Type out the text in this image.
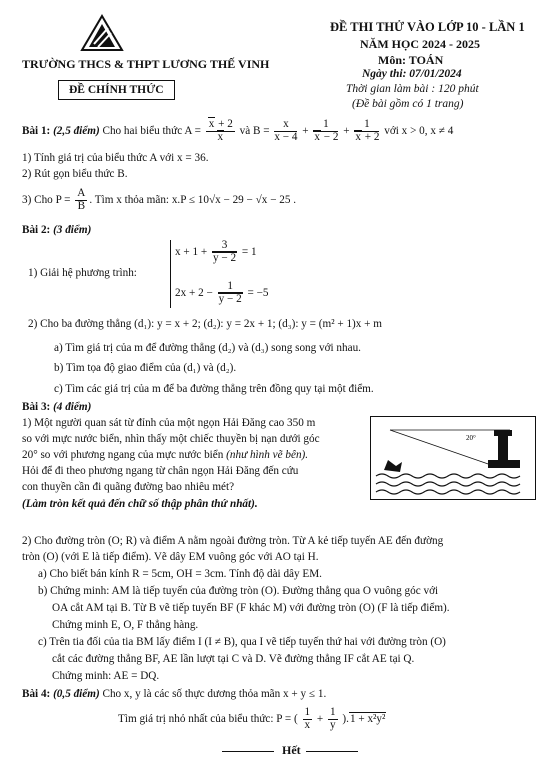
TRƯỜNG THCS & THPT LƯƠNG THẾ VINH
ĐỀ CHÍNH THỨC
ĐỀ THI THỬ VÀO LỚP 10 - LẦN 1
NĂM HỌC 2024 - 2025
Môn: TOÁN
Ngày thi: 07/01/2024
Thời gian làm bài : 120 phút
(Đề bài gồm có 1 trang)
Bài 1: (2,5 điểm) Cho hai biểu thức $A = \frac{x + 2}{x}$ và $B = \frac{x}{x - 4} + \frac{1}{x - 2} + \frac{1}{x + 2}$ với x > 0, x ≠ 4
1) Tính giá trị của biểu thức A với x = 36.
2) Rút gọn biểu thức B.
3) Cho $P = \frac{A}{B}$ . Tìm x thỏa mãn: x.P ≤ 10√x − 29 − √x − 25 .
Bài 2: (3 điểm)
1) Giải hệ phương trình:
$x + 1 + \frac{3}{y - 2} = 1$
$2x + 2 - \frac{1}{y - 2} = -5$
2) Cho ba đường thẳng (d₁): y = x + 2; (d₂): y = 2x + 1; (d₃): y = (m² + 1)x + m
a) Tìm giá trị của m để đường thẳng (d₂) và (d₃) song song với nhau.
b) Tìm tọa độ giao điểm của (d₁) và (d₂).
c) Tìm các giá trị của m để ba đường thẳng trên đồng quy tại một điểm.
Bài 3: (4 điểm)
1) Một người quan sát từ đỉnh của một ngọn Hải Đăng cao 350 m
so với mực nước biển, nhìn thấy một chiếc thuyền bị nạn dưới góc
20° so với phương ngang của mực nước biển (như hình vẽ bên).
Hỏi để đi theo phương ngang từ chân ngọn Hải Đăng đến cứu
con thuyền cần đi quãng đường bao nhiêu mét?
(Làm tròn kết quả đến chữ số thập phân thứ nhất).
20°
2) Cho đường tròn (O; R) và điểm A nằm ngoài đường tròn. Từ A kẻ tiếp tuyến AE đến đường
tròn (O) (với E là tiếp điểm). Vẽ dây EM vuông góc với AO tại H.
a) Cho biết bán kính R = 5cm, OH = 3cm. Tính độ dài dây EM.
b) Chứng minh: AM là tiếp tuyến của đường tròn (O). Đường thẳng qua O vuông góc với
OA cắt AM tại B. Từ B vẽ tiếp tuyến BF (F khác M) với đường tròn (O) (F là tiếp điểm).
Chứng minh E, O, F thẳng hàng.
c) Trên tia đối của tia BM lấy điểm I (I ≠ B), qua I vẽ tiếp tuyến thứ hai với đường tròn (O)
cắt các đường thẳng BF, AE lần lượt tại C và D. Vẽ đường thẳng IF cắt AE tại Q.
Chứng minh: AE = DQ.
Bài 4: (0,5 điểm) Cho x, y là các số thực dương thỏa mãn x + y ≤ 1.
Tìm giá trị nhỏ nhất của biểu thức: P = ( $\frac{1}{x} + \frac{1}{y} ).1 + x^2y^2$
Hết
